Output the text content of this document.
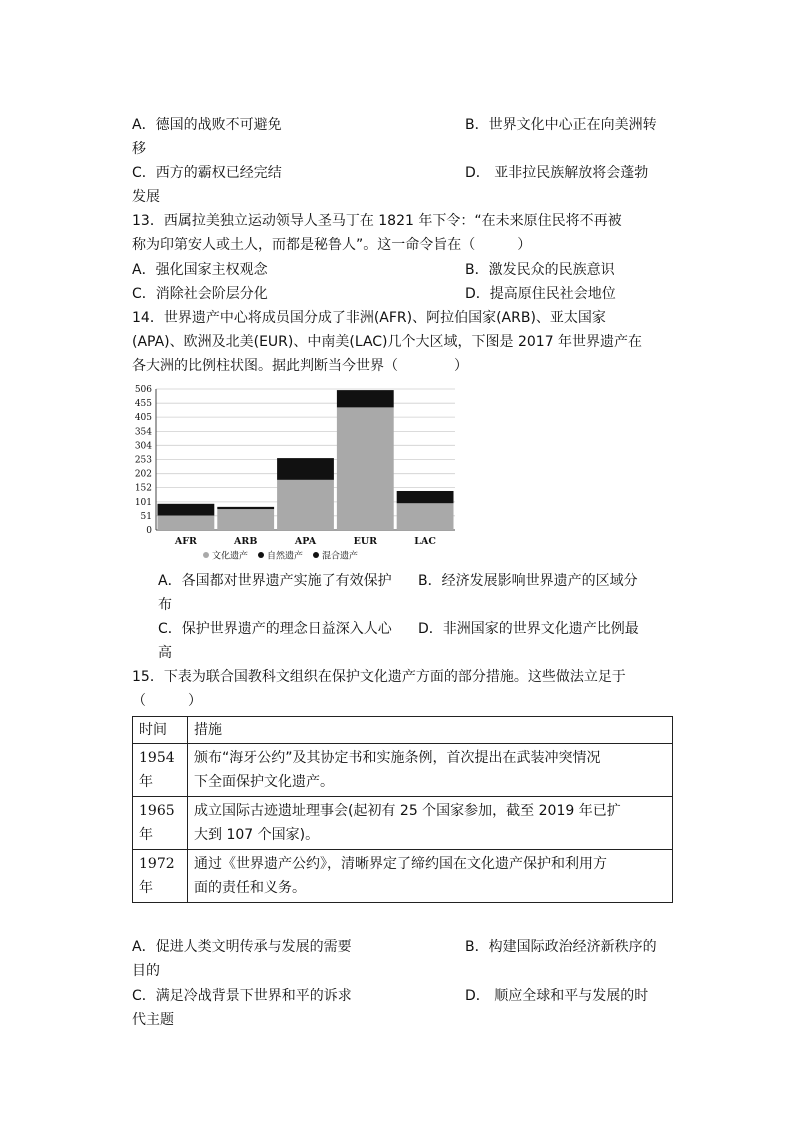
A．德国的战败不可避免	B．世界文化中心正在向美洲转
移
C．西方的霸权已经完结	D． 亚非拉民族解放将会蓬勃
发展
13．西属拉美独立运动领导人圣马丁在 1821 年下令：“在未来原住民将不再被
称为印第安人或土人，而都是秘鲁人”。这一命令旨在（　　　）
A．强化国家主权观念	B．激发民众的民族意识
C．消除社会阶层分化	D．提高原住民社会地位
14．世界遗产中心将成员国分成了非洲(AFR)、阿拉伯国家(ARB)、亚太国家
(APA)、欧洲及北美(EUR)、中南美(LAC)几个大区域，下图是 2017 年世界遗产在
各大洲的比例柱状图。据此判断当今世界（　　　　）
0
51
101
152
202
253
304
354
405
455
506
AFR	ARB	APA	EUR	LAC
文化遗产 自然遗产 混合遗产
A．各国都对世界遗产实施了有效保护 B．经济发展影响世界遗产的区域分
布
C．保护世界遗产的理念日益深入人心 D．非洲国家的世界文化遗产比例最
高
15．下表为联合国教科文组织在保护文化遗产方面的部分措施。这些做法立足于
（　　　）
时间	措施
1954
年	颁布“海牙公约”及其协定书和实施条例，首次提出在武装冲突情况
下全面保护文化遗产。
1965
年	成立国际古迹遗址理事会(起初有 25 个国家参加，截至 2019 年已扩
大到 107 个国家)。
1972
年	通过《世界遗产公约》，清晰界定了缔约国在文化遗产保护和利用方
面的责任和义务。
A．促进人类文明传承与发展的需要	B．构建国际政治经济新秩序的
目的
C．满足冷战背景下世界和平的诉求	D． 顺应全球和平与发展的时
代主题
